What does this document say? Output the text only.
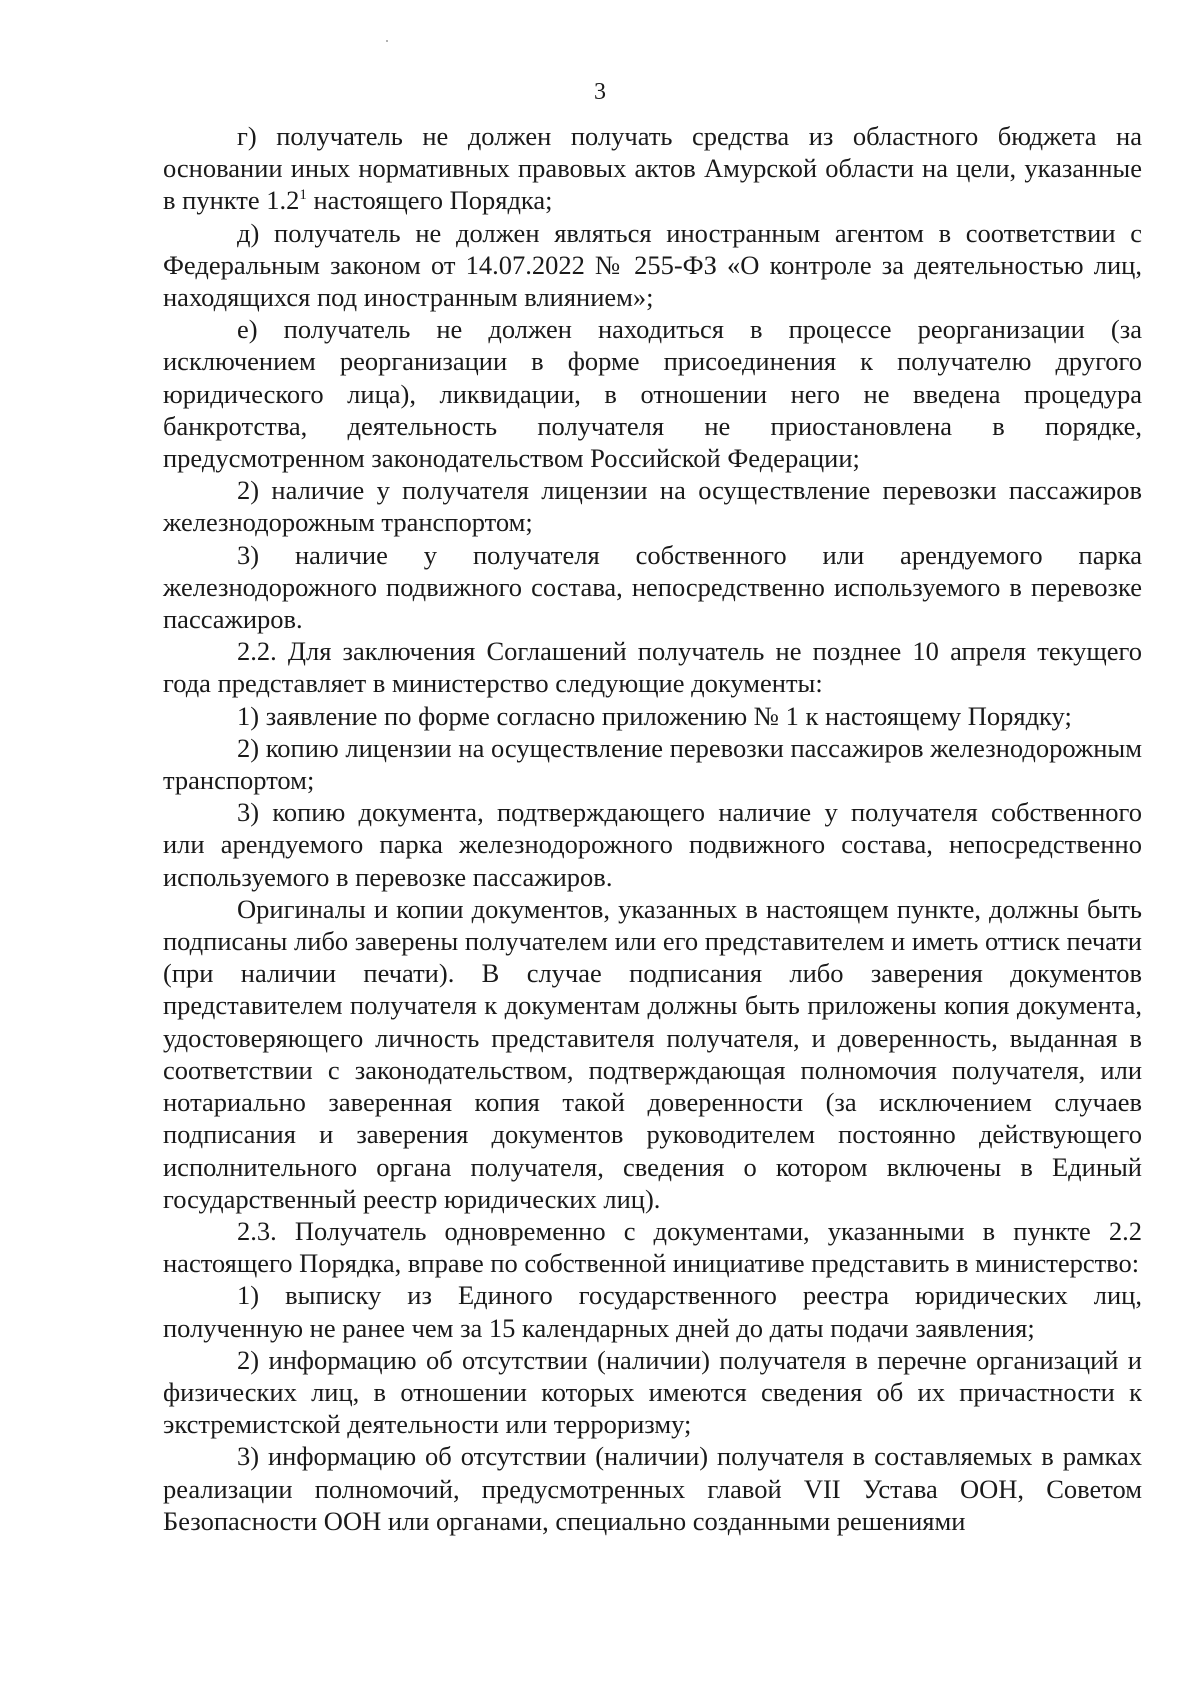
3

г) получатель не должен получать средства из областного бюджета на основании иных нормативных правовых актов Амурской области на цели, указанные в пункте $1.2^1$ настоящего Порядка;

д) получатель не должен являться иностранным агентом в соответствии с Федеральным законом от 14.07.2022 № 255-ФЗ «О контроле за деятельностью лиц, находящихся под иностранным влиянием»;

е) получатель не должен находиться в процессе реорганизации (за исключением реорганизации в форме присоединения к получателю другого юридического лица), ликвидации, в отношении него не введена процедура банкротства, деятельность получателя не приостановлена в порядке, предусмотренном законодательством Российской Федерации;

2) наличие у получателя лицензии на осуществление перевозки пассажиров железнодорожным транспортом;

3) наличие у получателя собственного или арендуемого парка железнодорожного подвижного состава, непосредственно используемого в перевозке пассажиров.

2.2. Для заключения Соглашений получатель не позднее 10 апреля текущего года представляет в министерство следующие документы:

1) заявление по форме согласно приложению № 1 к настоящему Порядку;

2) копию лицензии на осуществление перевозки пассажиров железнодорожным транспортом;

3) копию документа, подтверждающего наличие у получателя собственного или арендуемого парка железнодорожного подвижного состава, непосредственно используемого в перевозке пассажиров.

Оригиналы и копии документов, указанных в настоящем пункте, должны быть подписаны либо заверены получателем или его представителем и иметь оттиск печати (при наличии печати). В случае подписания либо заверения документов представителем получателя к документам должны быть приложены копия документа, удостоверяющего личность представителя получателя, и доверенность, выданная в соответствии с законодательством, подтверждающая полномочия получателя, или нотариально заверенная копия такой доверенности (за исключением случаев подписания и заверения документов руководителем постоянно действующего исполнительного органа получателя, сведения о котором включены в Единый государственный реестр юридических лиц).

2.3. Получатель одновременно с документами, указанными в пункте 2.2 настоящего Порядка, вправе по собственной инициативе представить в министерство:

1) выписку из Единого государственного реестра юридических лиц, полученную не ранее чем за 15 календарных дней до даты подачи заявления;

2) информацию об отсутствии (наличии) получателя в перечне организаций и физических лиц, в отношении которых имеются сведения об их причастности к экстремистской деятельности или терроризму;

3) информацию об отсутствии (наличии) получателя в составляемых в рамках реализации полномочий, предусмотренных главой VII Устава ООН, Советом Безопасности ООН или органами, специально созданными решениями
